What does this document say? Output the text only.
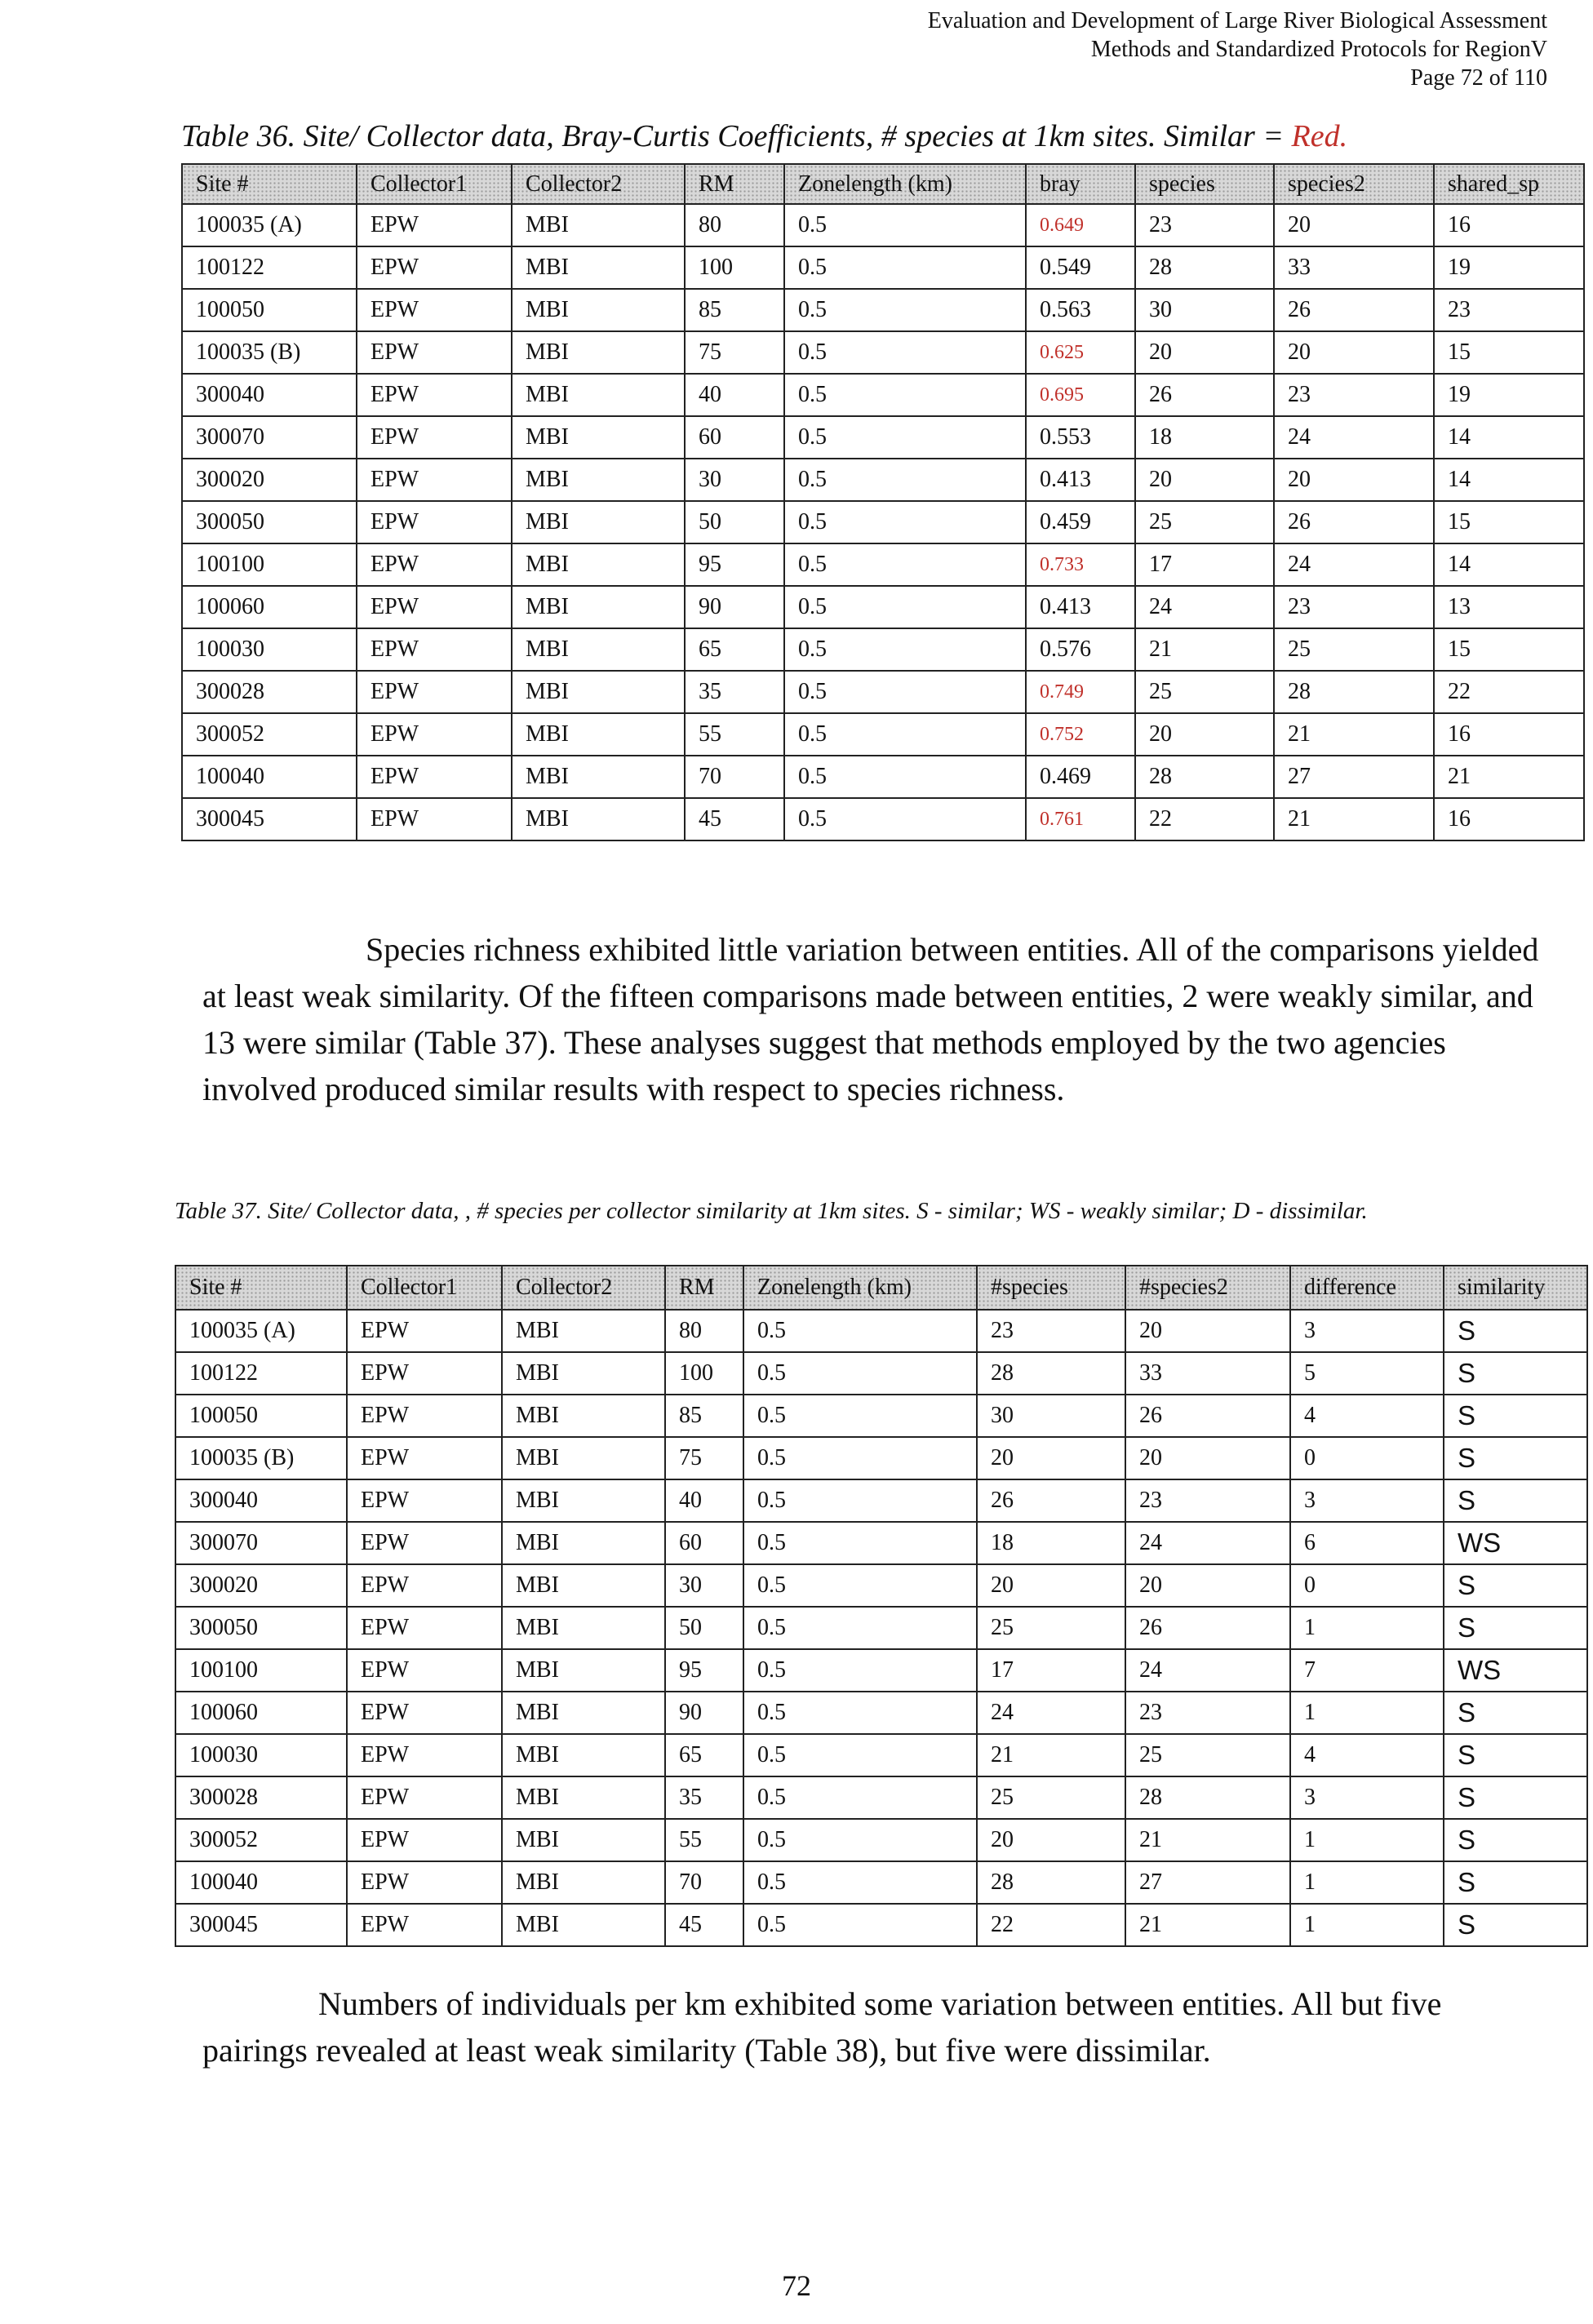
Evaluation and Development of Large River Biological Assessment
Methods and Standardized Protocols for RegionV
Page 72 of 110
Table 36. Site/ Collector data, Bray-Curtis Coefficients, # species at 1km sites. Similar = Red.
Site #	Collector1	Collector2	RM	Zonelength (km)	bray	species	species2	shared_sp
100035 (A)	EPW	MBI	80	0.5	0.649	23	20	16
100122	EPW	MBI	100	0.5	0.549	28	33	19
100050	EPW	MBI	85	0.5	0.563	30	26	23
100035 (B)	EPW	MBI	75	0.5	0.625	20	20	15
300040	EPW	MBI	40	0.5	0.695	26	23	19
300070	EPW	MBI	60	0.5	0.553	18	24	14
300020	EPW	MBI	30	0.5	0.413	20	20	14
300050	EPW	MBI	50	0.5	0.459	25	26	15
100100	EPW	MBI	95	0.5	0.733	17	24	14
100060	EPW	MBI	90	0.5	0.413	24	23	13
100030	EPW	MBI	65	0.5	0.576	21	25	15
300028	EPW	MBI	35	0.5	0.749	25	28	22
300052	EPW	MBI	55	0.5	0.752	20	21	16
100040	EPW	MBI	70	0.5	0.469	28	27	21
300045	EPW	MBI	45	0.5	0.761	22	21	16

Species richness exhibited little variation between entities. All of the comparisons yielded at least weak similarity. Of the fifteen comparisons made between entities, 2 were weakly similar, and 13 were similar (Table 37). These analyses suggest that methods employed by the two agencies involved produced similar results with respect to species richness.

Table 37. Site/ Collector data, , # species per collector similarity at 1km sites. S - similar; WS - weakly similar; D - dissimilar.
Site #	Collector1	Collector2	RM	Zonelength (km)	#species	#species2	difference	similarity
100035 (A)	EPW	MBI	80	0.5	23	20	3	S
100122	EPW	MBI	100	0.5	28	33	5	S
100050	EPW	MBI	85	0.5	30	26	4	S
100035 (B)	EPW	MBI	75	0.5	20	20	0	S
300040	EPW	MBI	40	0.5	26	23	3	S
300070	EPW	MBI	60	0.5	18	24	6	WS
300020	EPW	MBI	30	0.5	20	20	0	S
300050	EPW	MBI	50	0.5	25	26	1	S
100100	EPW	MBI	95	0.5	17	24	7	WS
100060	EPW	MBI	90	0.5	24	23	1	S
100030	EPW	MBI	65	0.5	21	25	4	S
300028	EPW	MBI	35	0.5	25	28	3	S
300052	EPW	MBI	55	0.5	20	21	1	S
100040	EPW	MBI	70	0.5	28	27	1	S
300045	EPW	MBI	45	0.5	22	21	1	S

Numbers of individuals per km exhibited some variation between entities. All but five pairings revealed at least weak similarity (Table 38), but five were dissimilar.

72
